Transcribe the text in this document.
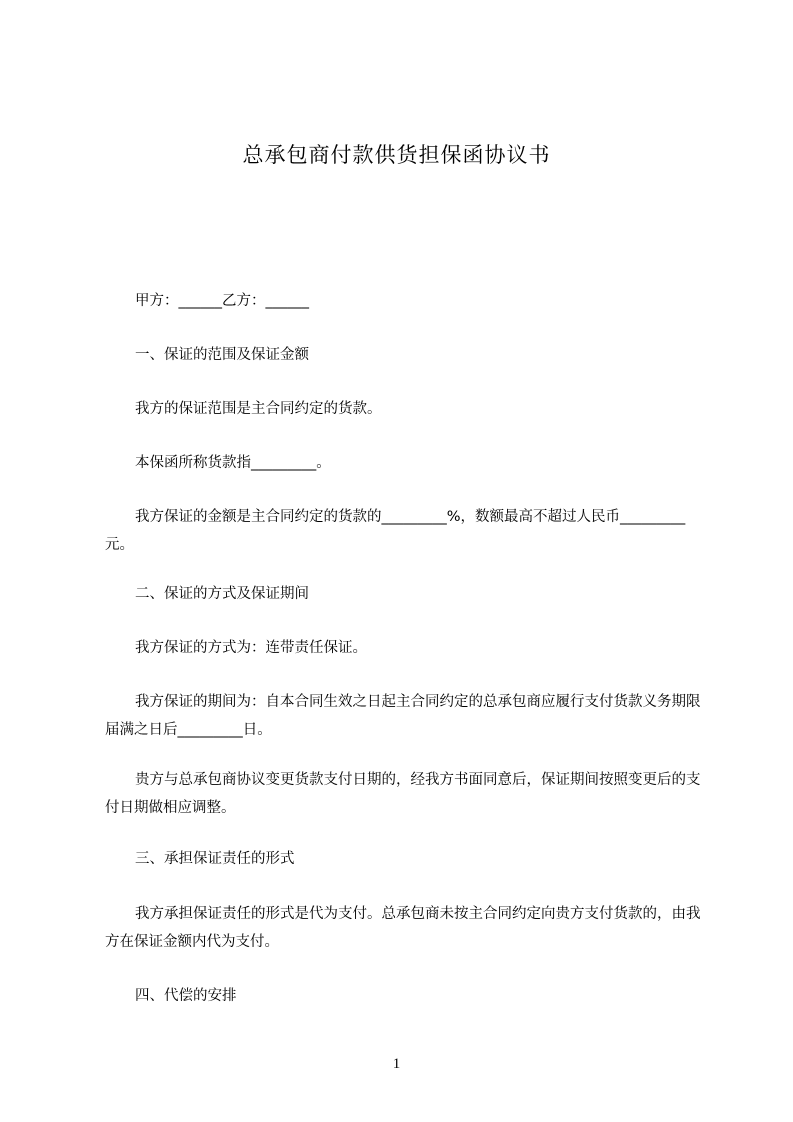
总承包商付款供货担保函协议书
甲方：______乙方：______
一、保证的范围及保证金额
我方的保证范围是主合同约定的货款。
本保函所称货款指_________。
我方保证的金额是主合同约定的货款的_________%，数额最高不超过人民币_________元。
二、保证的方式及保证期间
我方保证的方式为：连带责任保证。
我方保证的期间为：自本合同生效之日起主合同约定的总承包商应履行支付货款义务期限届满之日后_________日。
贵方与总承包商协议变更货款支付日期的，经我方书面同意后，保证期间按照变更后的支付日期做相应调整。
三、承担保证责任的形式
我方承担保证责任的形式是代为支付。总承包商未按主合同约定向贵方支付货款的，由我方在保证金额内代为支付。
四、代偿的安排
1
